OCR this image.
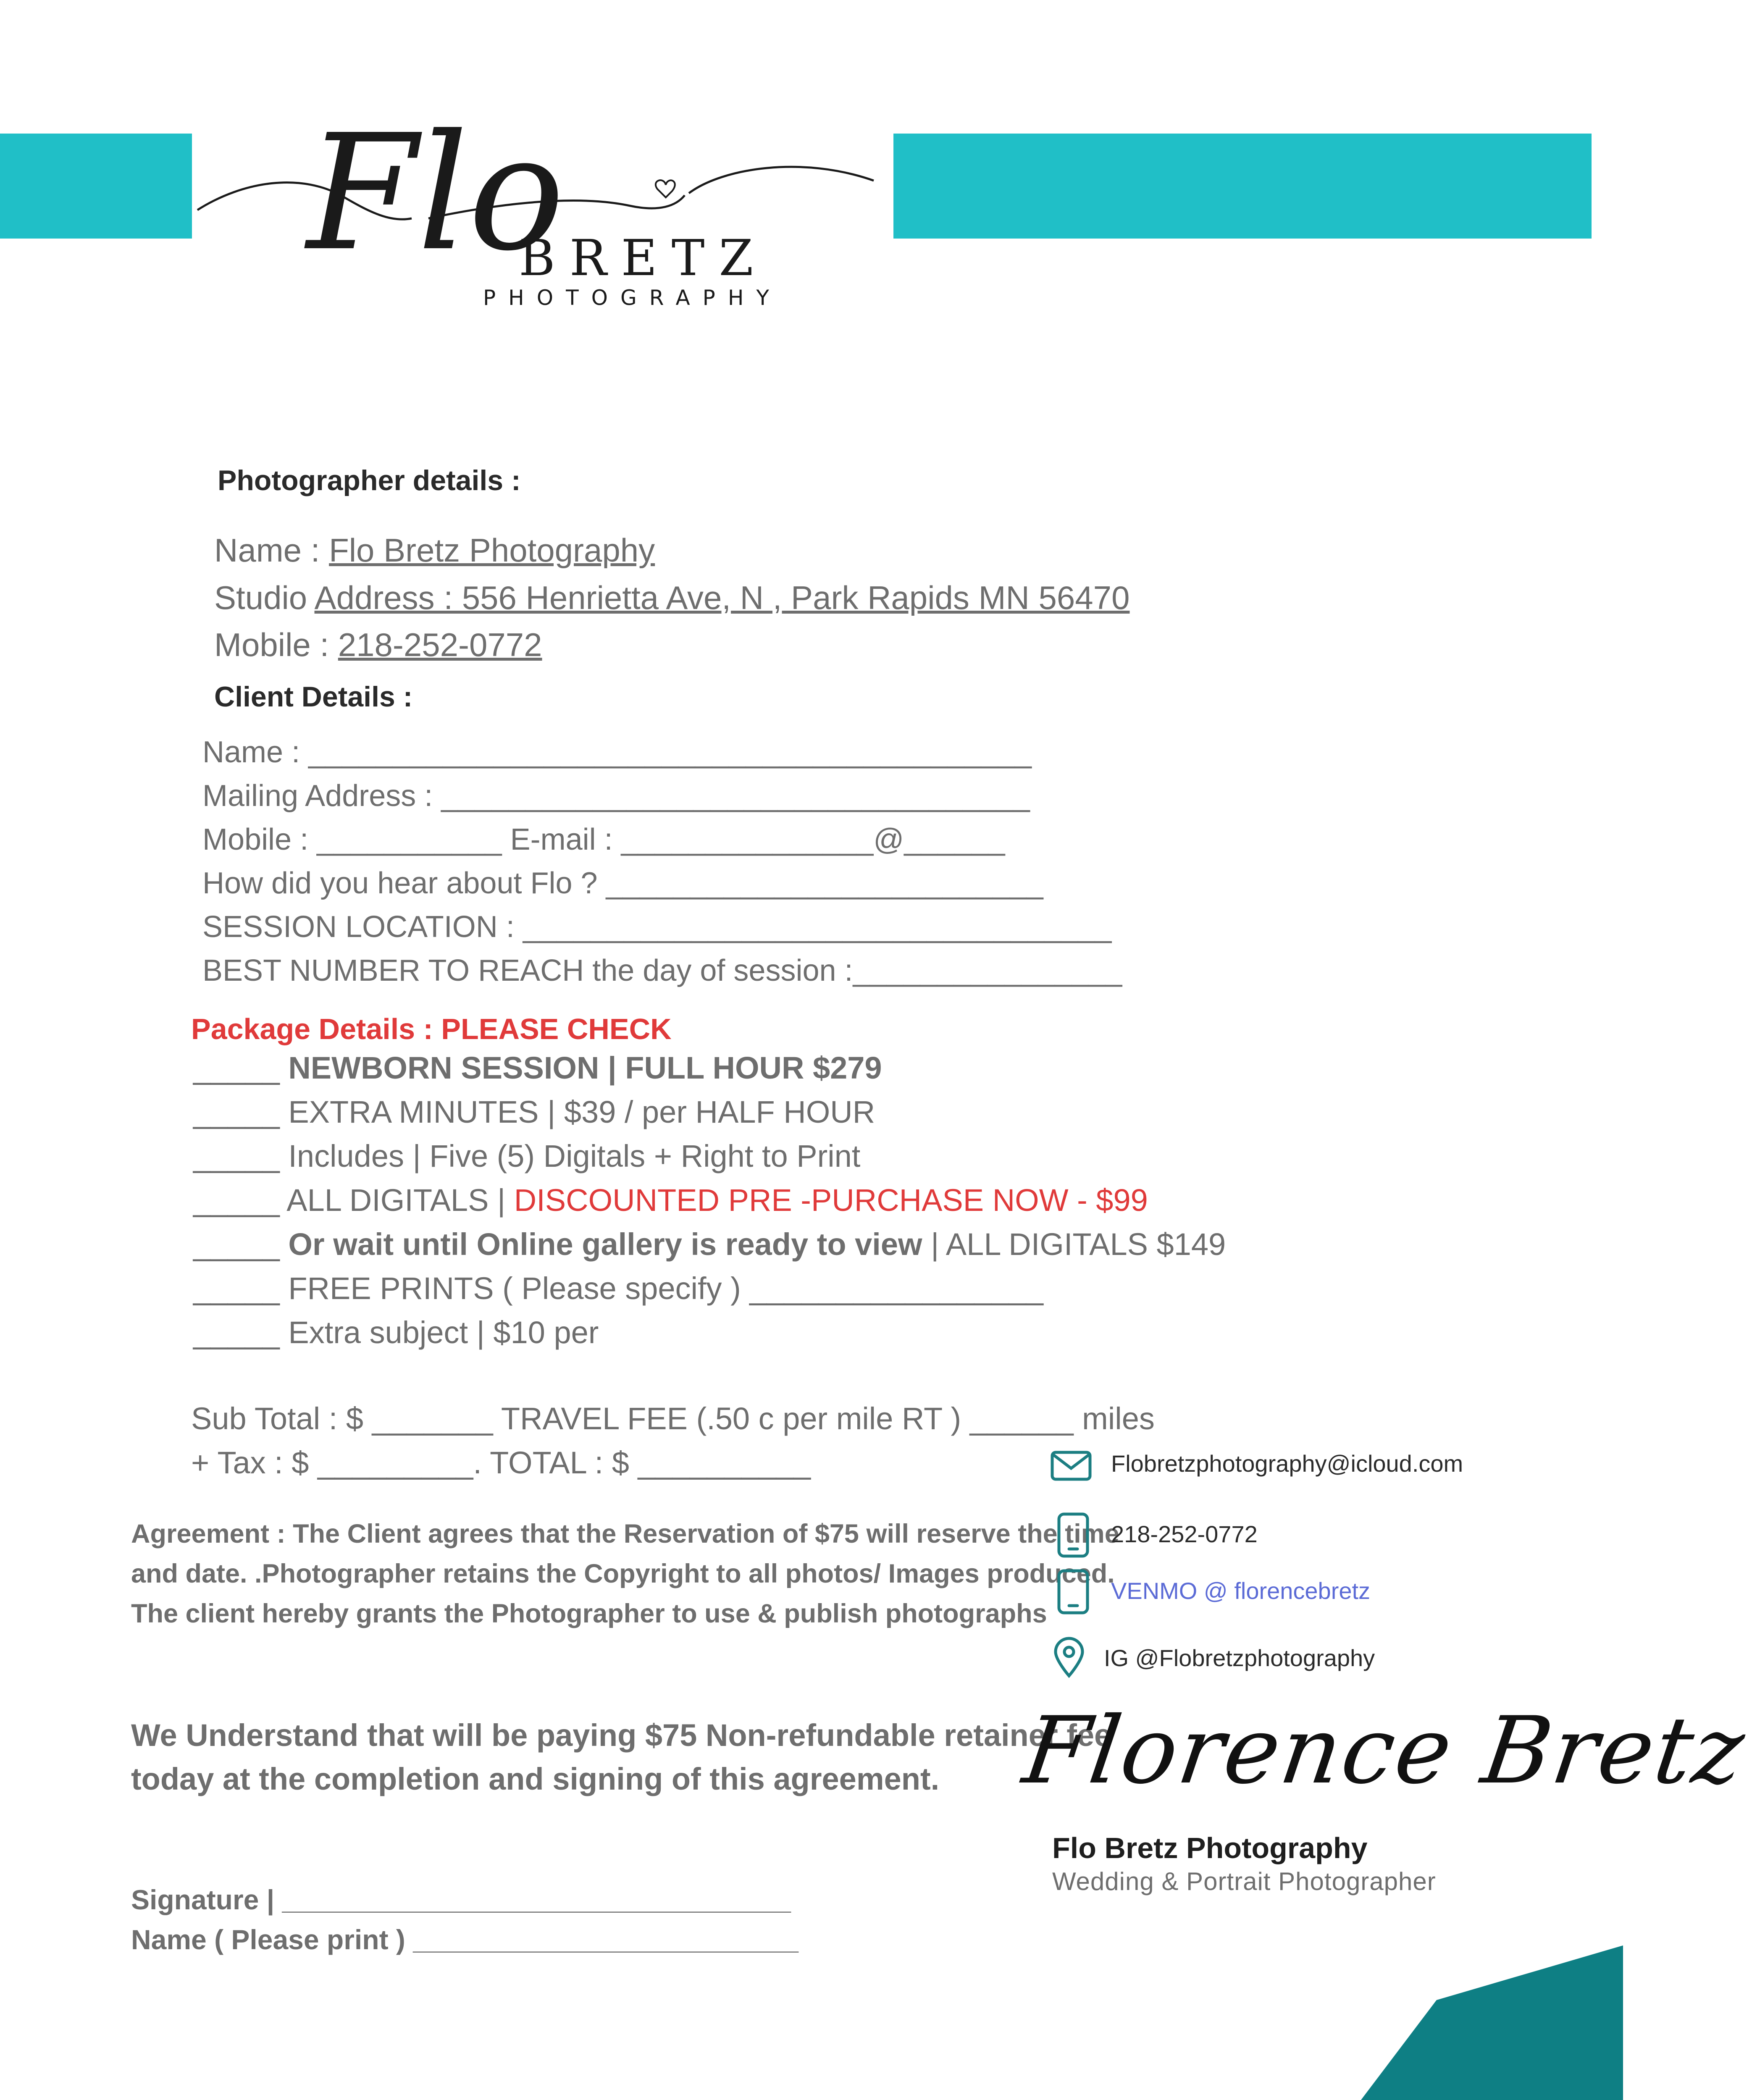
Flo
BRETZ
PHOTOGRAPHY
Photographer details :
Name : Flo Bretz Photography
Studio Address : 556 Henrietta Ave, N , Park Rapids MN 56470
Mobile : 218-252-0772
Client Details :
Name : ___________________________________________
Mailing Address : ___________________________________
Mobile : ___________ E-mail : _______________@______
How did you hear about Flo ? __________________________
SESSION LOCATION : ___________________________________
BEST NUMBER TO REACH the day of session :________________
Package Details : PLEASE CHECK
_____ NEWBORN SESSION | FULL HOUR $279
_____ EXTRA MINUTES | $39 / per HALF HOUR
_____ Includes | Five (5) Digitals + Right to Print
_____ ALL DIGITALS | DISCOUNTED PRE -PURCHASE NOW - $99
_____ Or wait until Online gallery is ready to view | ALL DIGITALS $149
_____ FREE PRINTS ( Please specify ) _________________
_____ Extra subject | $10 per
Sub Total : $ _______ TRAVEL FEE (.50 c per mile RT ) ______ miles
+ Tax : $ _________. TOTAL : $ __________
Agreement : The Client agrees that the Reservation of $75 will reserve the time and date. .Photographer retains the Copyright to all photos/ Images produced. The client hereby grants the Photographer to use & publish photographs
We Understand that will be paying $75 Non-refundable retainer fee today at the completion and signing of this agreement.
Signature | _________________________________
Name ( Please print ) _________________________
Flobretzphotography@icloud.com
218-252-0772
VENMO @ florencebretz
IG @Flobretzphotography
Florence Bretz
Flo Bretz Photography
Wedding & Portrait Photographer
